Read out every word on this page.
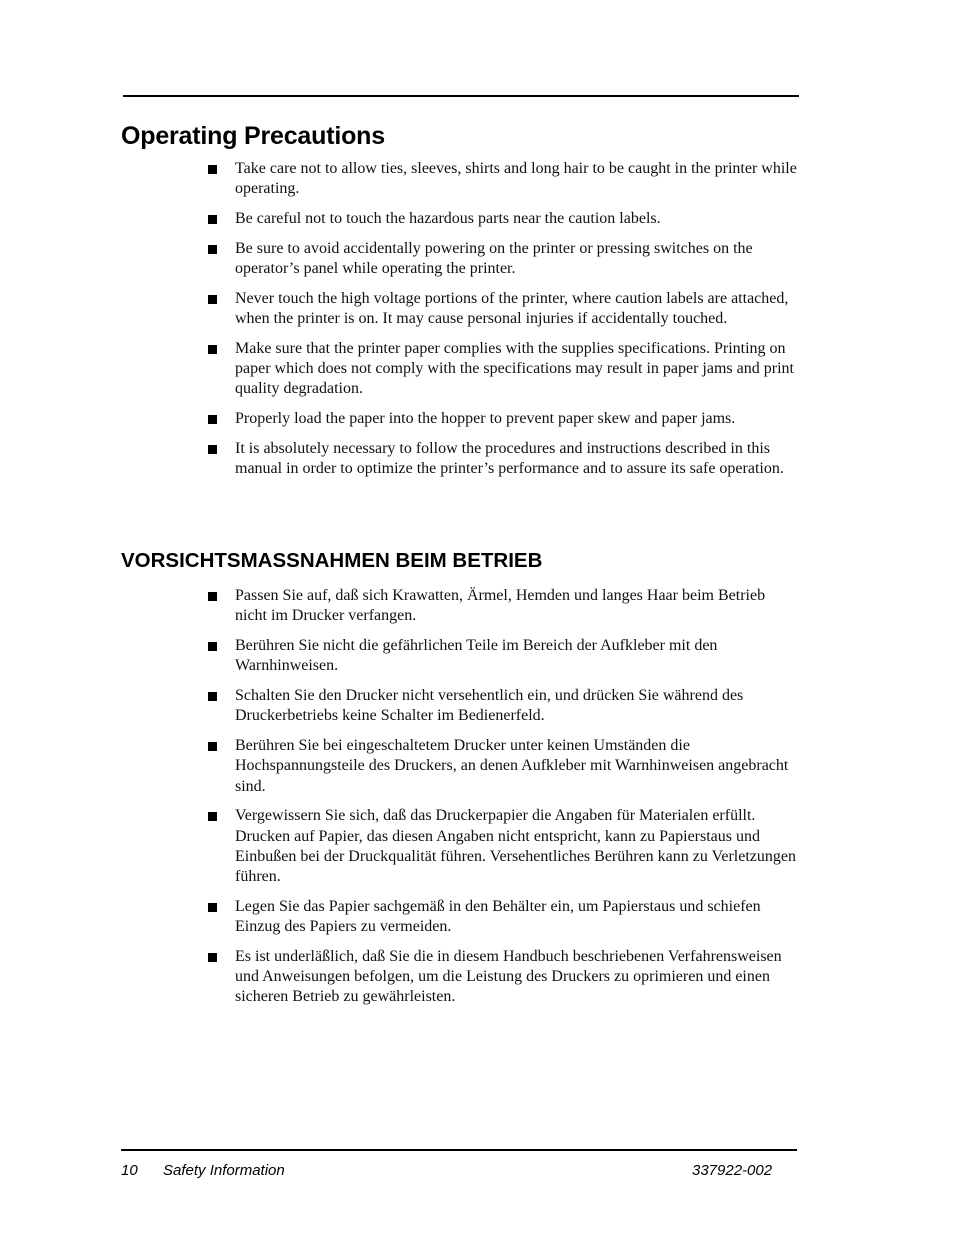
Operating Precautions
Take care not to allow ties, sleeves, shirts and long hair to be caught in the printer while operating.
Be careful not to touch the hazardous parts near the caution labels.
Be sure to avoid accidentally powering on the printer or pressing switches on the operator’s panel while operating the printer.
Never touch the high voltage portions of the printer, where caution labels are attached, when the printer is on. It may cause personal injuries if accidentally touched.
Make sure that the printer paper complies with the supplies specifications. Printing on paper which does not comply with the specifications may result in paper jams and print quality degradation.
Properly load the paper into the hopper to prevent paper skew and paper jams.
It is absolutely necessary to follow the procedures and instructions described in this manual in order to optimize the printer’s performance and to assure its safe operation.
VORSICHTSMASSNAHMEN BEIM BETRIEB
Passen Sie auf, daß sich Krawatten, Ärmel, Hemden und langes Haar beim Betrieb nicht im Drucker verfangen.
Berühren Sie nicht die gefährlichen Teile im Bereich der Aufkleber mit den Warnhinweisen.
Schalten Sie den Drucker nicht versehentlich ein, und drücken Sie während des Druckerbetriebs keine Schalter im Bedienerfeld.
Berühren Sie bei eingeschaltetem Drucker unter keinen Umständen die Hochspannungsteile des Druckers, an denen Aufkleber mit Warnhinweisen angebracht sind.
Vergewissern Sie sich, daß das Druckerpapier die Angaben für Materialen erfüllt. Drucken auf Papier, das diesen Angaben nicht entspricht, kann zu Papierstaus und Einbußen bei der Druckqualität führen. Versehentliches Berühren kann zu Verletzungen führen.
Legen Sie das Papier sachgemäß in den Behälter ein, um Papierstaus und schiefen Einzug des Papiers zu vermeiden.
Es ist underläßlich, daß Sie die in diesem Handbuch beschriebenen Verfahrensweisen und Anweisungen befolgen, um die Leistung des Druckers zu oprimieren und einen sicheren Betrieb zu gewährleisten.
10 Safety Information	337922-002
